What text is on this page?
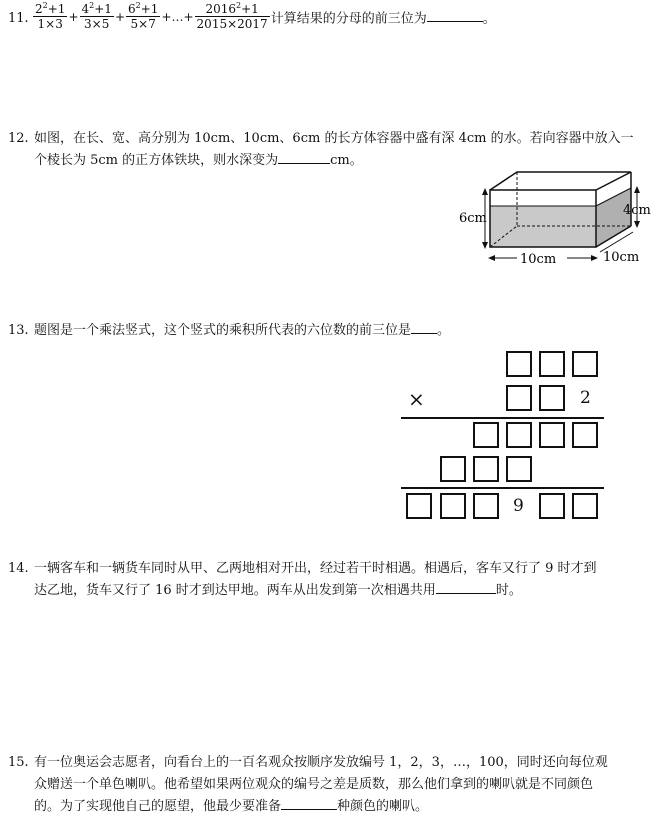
11. $\frac{2^2+1}{1\times 3} + \frac{4^2+1}{3\times 5} + \frac{6^2+1}{5\times 7}$ +…+ $\frac{2016^2+1}{2015\times 2017}$ 计算结果的分母的前三位为	。
12. 如图，在长、宽、高分别为 10cm、10cm、6cm 的长方体容器中盛有深 4cm 的水。若向容器中放入一
个棱长为 5cm 的正方体铁块，则水深变为	cm。
6cm
4cm
10cm	10cm
13. 题图是一个乘法竖式，这个竖式的乘积所代表的六位数的前三位是 。
×	2
9
14. 一辆客车和一辆货车同时从甲、乙两地相对开出，经过若干时相遇。相遇后，客车又行了 9 时才到
达乙地，货车又行了 16 时才到达甲地。两车从出发到第一次相遇共用	时。
15. 有一位奥运会志愿者，向看台上的一百名观众按顺序发放编号 1，2，3，…，100，同时还向每位观
众赠送一个单色喇叭。他希望如果两位观众的编号之差是质数，那么他们拿到的喇叭就是不同颜色
的。为了实现他自己的愿望，他最少要准备	种颜色的喇叭。
